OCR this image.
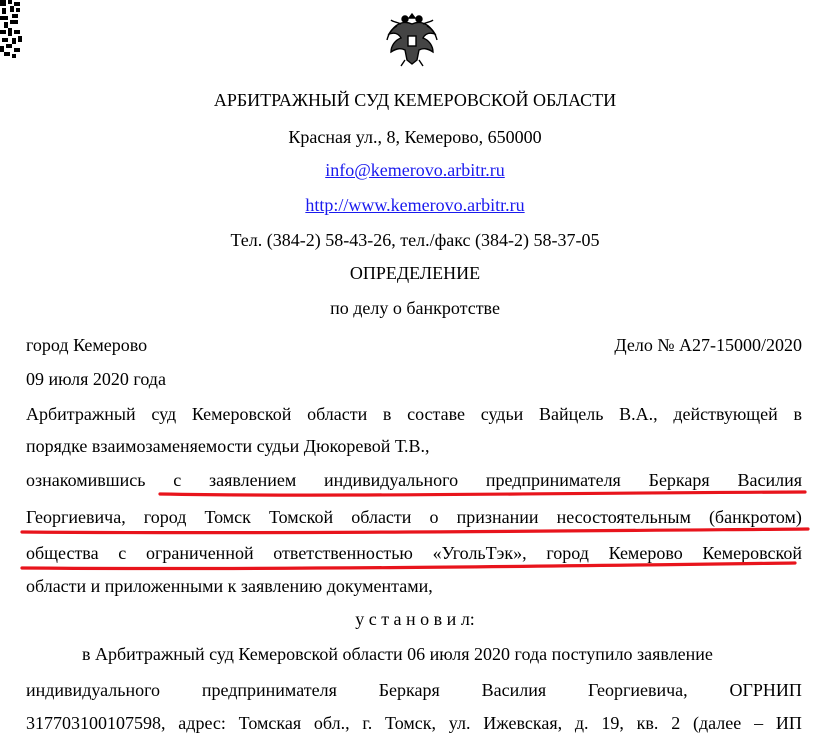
АРБИТРАЖНЫЙ СУД КЕМЕРОВСКОЙ ОБЛАСТИ
Красная ул., 8, Кемерово, 650000
info@kemerovo.arbitr.ru
http://www.kemerovo.arbitr.ru
Тел. (384-2) 58-43-26, тел./факс (384-2) 58-37-05
ОПРЕДЕЛЕНИЕ
по делу о банкротстве
город Кемерово	Дело № А27-15000/2020
09 июля 2020 года
Арбитражный суд Кемеровской области в составе судьи Вайцель В.А., действующей в
порядке взаимозаменяемости судьи Дюкоревой Т.В.,
ознакомившись с заявлением индивидуального предпринимателя Беркаря Василия
Георгиевича, город Томск Томской области о признании несостоятельным (банкротом)
общества с ограниченной ответственностью «УгольТэк», город Кемерово Кемеровской
области и приложенными к заявлению документами,
у с т а н о в и л:
в Арбитражный суд Кемеровской области 06 июля 2020 года поступило заявление
индивидуального предпринимателя Беркаря Василия Георгиевича, ОГРНИП
317703100107598, адрес: Томская обл., г. Томск, ул. Ижевская, д. 19, кв. 2 (далее – ИП
